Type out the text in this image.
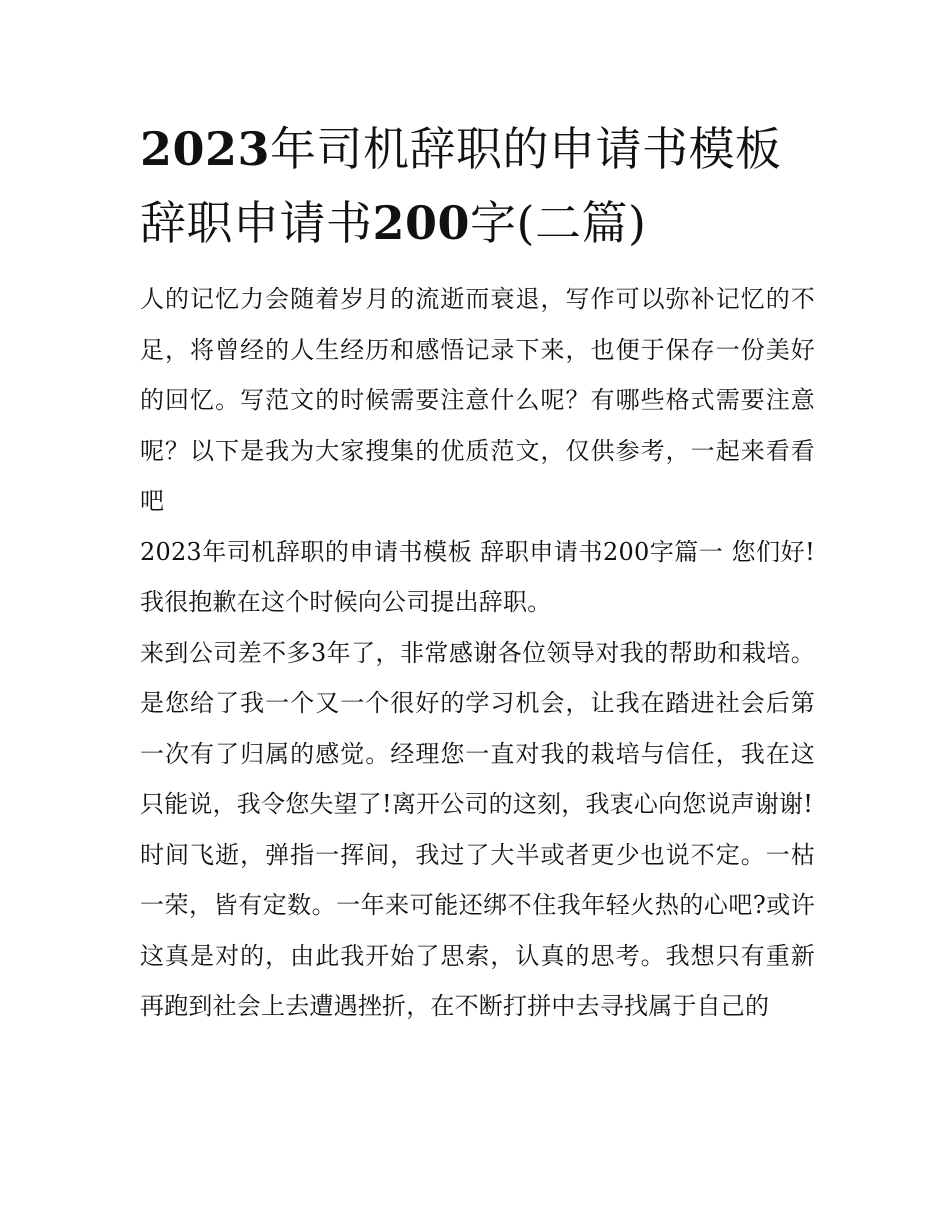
2023年司机辞职的申请书模板
辞职申请书200字(二篇)

人的记忆力会随着岁月的流逝而衰退，写作可以弥补记忆的不足，将曾经的人生经历和感悟记录下来，也便于保存一份美好的回忆。写范文的时候需要注意什么呢？有哪些格式需要注意呢？以下是我为大家搜集的优质范文，仅供参考，一起来看看吧

2023年司机辞职的申请书模板 辞职申请书200字篇一 您们好!我很抱歉在这个时候向公司提出辞职。

来到公司差不多3年了，非常感谢各位领导对我的帮助和栽培。是您给了我一个又一个很好的学习机会，让我在踏进社会后第一次有了归属的感觉。经理您一直对我的栽培与信任，我在这只能说，我令您失望了!离开公司的这刻，我衷心向您说声谢谢!

时间飞逝，弹指一挥间，我过了大半或者更少也说不定。一枯一荣，皆有定数。一年来可能还绑不住我年轻火热的心吧?或许这真是对的，由此我开始了思索，认真的思考。我想只有重新再跑到社会上去遭遇挫折，在不断打拼中去寻找属于自己的
